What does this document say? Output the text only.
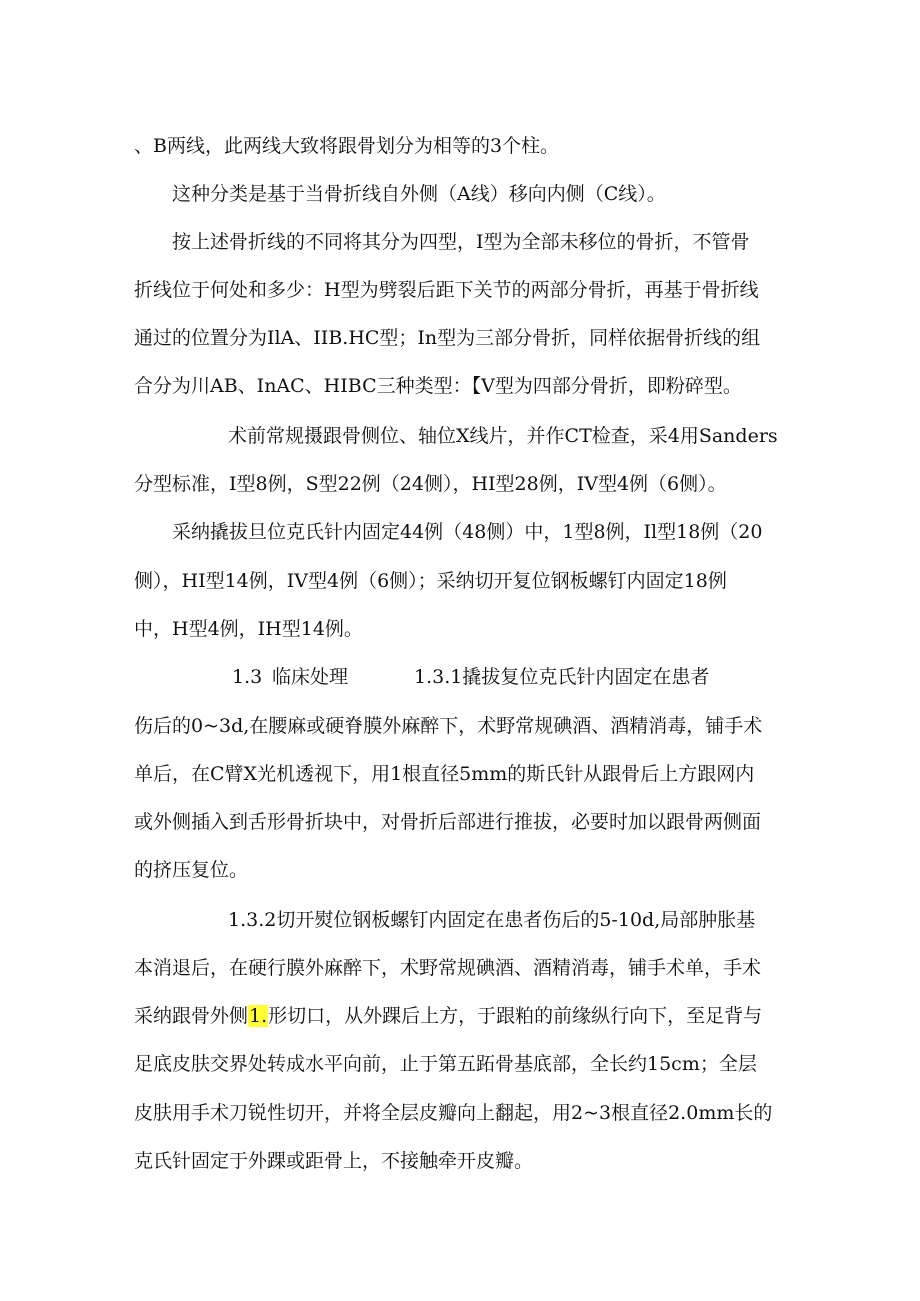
、B两线，此两线大致将跟骨划分为相等的3个柱。
这种分类是基于当骨折线自外侧（A线）移向内侧（C线）。
按上述骨折线的不同将其分为四型，I型为全部未移位的骨折，不管骨
折线位于何处和多少：H型为劈裂后距下关节的两部分骨折，再基于骨折线
通过的位置分为IlA、IIB.HC型；In型为三部分骨折，同样依据骨折线的组
合分为川AB、InAC、HIBC三种类型：【V型为四部分骨折，即粉碎型。
术前常规摄跟骨侧位、轴位X线片，并作CT检查，采4用Sanders
分型标准，I型8例，S型22例（24侧），HI型28例，IV型4例（6侧）。
采纳撬拔旦位克氏针内固定44例（48侧）中，1型8例，Il型18例（20
侧），HI型14例，IV型4例（6侧）；采纳切开复位钢板螺钉内固定18例
中，H型4例，IH型14例。
1.3 临床处理	1.3.1撬拔复位克氏针内固定在患者
伤后的0~3d,在腰麻或硬脊膜外麻醉下，术野常规碘酒、酒精消毒，铺手术
单后，在C臂X光机透视下，用1根直径5mm的斯氏针从跟骨后上方跟网内
或外侧插入到舌形骨折块中，对骨折后部进行推拔，必要时加以跟骨两侧面
的挤压复位。
1.3.2切开熨位钢板螺钉内固定在患者伤后的5-10d,局部肿胀基
本消退后，在硬行膜外麻醉下，术野常规碘酒、酒精消毒，铺手术单，手术
采纳跟骨外侧1.形切口，从外踝后上方，于跟粕的前缘纵行向下，至足背与
足底皮肤交界处转成水平向前，止于第五跖骨基底部，全长约15cm；全层
皮肤用手术刀锐性切开，并将全层皮瓣向上翻起，用2~3根直径2.0mm长的
克氏针固定于外踝或距骨上，不接触牵开皮瓣。
